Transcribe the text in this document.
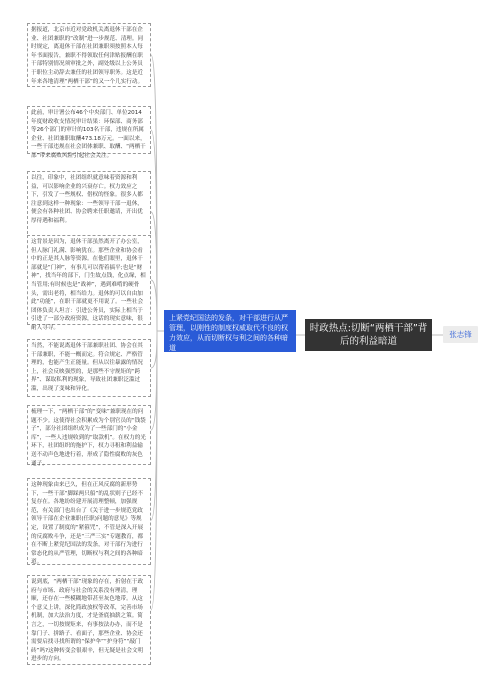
据报道，北京市近对党政机关离退休干部在企业、社团兼职的“改制”进一步规范、清理。同时规定，离退休干部在社团兼职须按照本人每年书面报告，兼职不得领取任何津贴报酬在职干部特别情况须审批之外，副处级以上公务员于职位主动辞去兼任的社团领导职务。这是近年来各地清理“两栖干部”的又一个儿实行动。
此前，审计署公布46个中央部门、单位2014年度财政收支情况审计结果：环保部、商务部等26个部门的审计的103名干部，违规在所属企业、社团兼职取酬473.18万元。一面以来，一些干部违规在社会团体兼职、取酬、“两栖干部”带来腐败风险引起社会关注。
以往，印象中，社团组织就意味着资源和利益，可以影响企业的兴衰存亡。权力效应之下，引发了一些规权、借权的怪象。很多人都注意到这样一种现象：一些领导干部一退休，便会有各种社团、协会聘来任职邀请，开出优厚待遇和福利。
这背景是因为，退休干部虽然离开了办公室，但人脉门礼满、影响犹在。那些企业和协会看中的正是其人脉等资源。在他们眼里，退休干部就是“门神”，有事儿可以帮着搞平;也是“财神”，找当年的部下，门生故点钱，化点缘，相当管用;有时候也是“战神”，遇到难啃的硬骨头，需出老将，相当给力。退休的可以自由加此“功能”，在职干部就更不用说了。一些社会团体负责人坦言：引进公务员，实际上相当于引进了一部分政府资源，这话的现实意味，很耐人寻寻。
当然，不能说离退休干部兼职社团、协会在其干部兼职，不能一概而定。符合规定、严格管理的，也能产生正能量。但从以往暴露的情况上，社会反映强烈的，是那些不守规矩的“跨界”、谋取私利的现象，导致社团兼职泛滥过滥，出现了变味和异化。
梳理一下，“两栖干部”的“变味”兼职现在的问题不少。这使得社会积累成为个别官员的“钱袋子”，部分社团组织成为了一些部门的“小金库”，一些人违规收到的“取款机”。在权力的光环下，社团组织的拖护下，权力寻租和利益输送不动声色地进行着，形成了隐性腐败的灰色通子。
这种现象由来已久，但在正风反腐的新形势下，一些干部“脚踩两只船”的乱状则子已经不复存在。各地纷纷建开展清理整顿，加强规范，有关部门也出台了《关于进一步规范党政领导干部在企业兼职(任职)问题的意见》等规定，设置了制度的“紧箍咒”，不管是深入开展的反腐败斗争，还是“三严三实”专题教育，都在不断上紧党纪国法的发条，对干部行为进行常态化的从严管理，切断权与利之间的各种暗道。
说到底，“两栖干部”现象的存在，折射在于政府与市场、政府与社会的关系没有理清，理顺，还存在一些模糊地带甚至灰色地带。从这个意义上讲，深化简政放权等改革，完善市场机制，加大法治力度，才是釜底抽薪之策。简言之，一切按规矩来，有事按法办办，而不是靠门子、拼路子、看面子，那些企业、协会还需要启找寻找所谓的“保护伞”“护身符”“敲门砖”吗?这种转变会很艰辛，但无疑是社会文明进步的方向。
上紧党纪国法的发条，对干部进行从严管理，以刚性的制度权威取代不良的权力效应，从而切断权与利之间的各种暗道
时政热点:切断“两栖干部”背后的利益暗道
张志锋
